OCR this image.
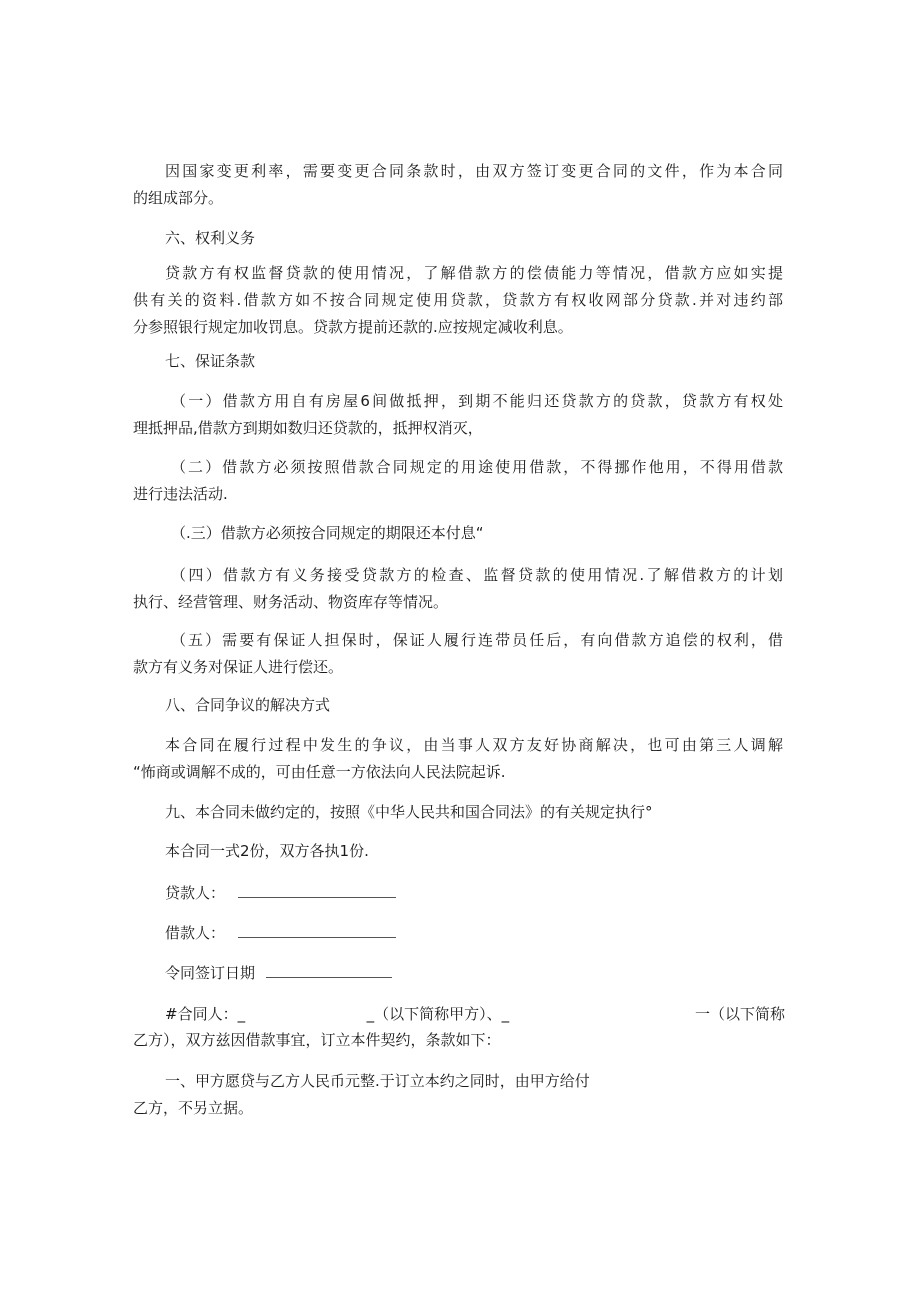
因国家变更利率，需要变更合同条款时，由双方签订变更合同的文件，作为本合同
的组成部分。

六、权利义务

贷款方有权监督贷款的使用情况，了解借款方的偿债能力等情况，借款方应如实提
供有关的资料.借款方如不按合同规定使用贷款，贷款方有权收网部分贷款.并对违约部
分参照银行规定加收罚息。贷款方提前还款的.应按规定减收利息。

七、保证条款

（一）借款方用自有房屋6间做抵押，到期不能归还贷款方的贷款，贷款方有权处
理抵押品,借款方到期如数归还贷款的，抵押权消灭，

（二）借款方必须按照借款合同规定的用途使用借款，不得挪作他用，不得用借款
进行违法活动.

（.三）借款方必须按合同规定的期限还本付息“

（四）借款方有义务接受贷款方的检查、监督贷款的使用情况.了解借救方的计划
执行、经营管理、财务活动、物资库存等情况。

（五）需要有保证人担保时，保证人履行连带员任后，有向借款方追偿的权利，借
款方有义务对保证人进行偿还。

八、合同争议的解决方式

本合同在履行过程中发生的争议，由当事人双方友好协商解决，也可由第三人调解
“怖商或调解不成的，可由任意一方依法向人民法院起诉.

九、本合同未做约定的，按照《中华人民共和国合同法》的有关规定执行°
本合同一式2份，双方各执1份.
贷款人：
借款人：
令同签订日期
#合同人：_	_（以下简称甲方）、_	一（以下简称
乙方），双方兹因借款事宜，订立本件契约，条款如下：

一、甲方愿贷与乙方人民币元整.于订立本约之同时，由甲方给付
乙方，不另立据。
